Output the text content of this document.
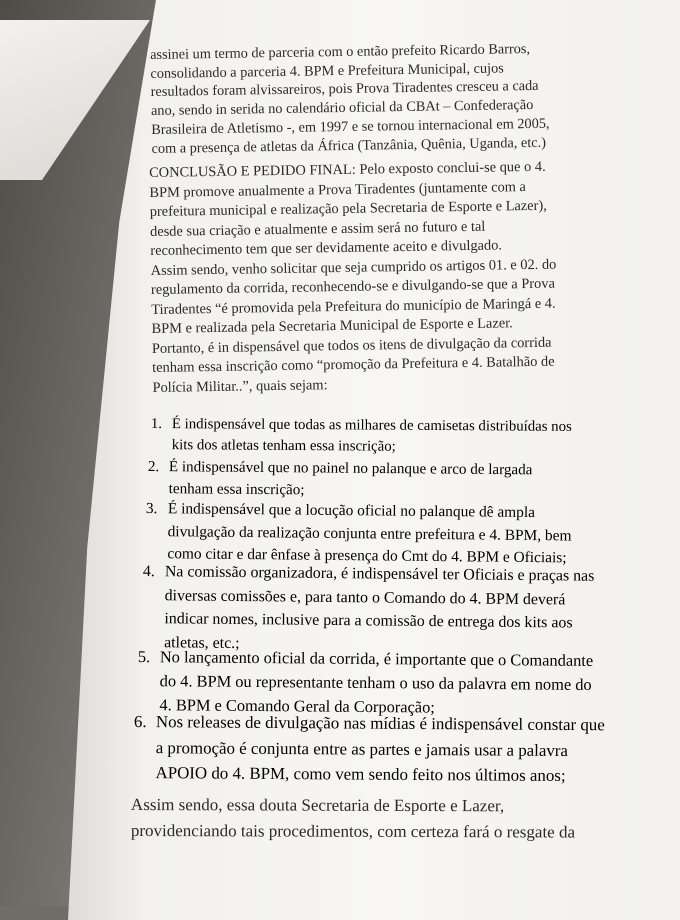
assinei um termo de parceria com o então prefeito Ricardo Barros,
consolidando a parceria 4. BPM e Prefeitura Municipal, cujos
resultados foram alvissareiros, pois Prova Tiradentes cresceu a cada
ano, sendo in serida no calendário oficial da CBAt – Confederação
Brasileira de Atletismo -, em 1997 e se tornou internacional em 2005,
com a presença de atletas da África (Tanzânia, Quênia, Uganda, etc.)
CONCLUSÃO E PEDIDO FINAL: Pelo exposto conclui-se que o 4.
BPM promove anualmente a Prova Tiradentes (juntamente com a
prefeitura municipal e realização pela Secretaria de Esporte e Lazer),
desde sua criação e atualmente e assim será no futuro e tal
reconhecimento tem que ser devidamente aceito e divulgado.
Assim sendo, venho solicitar que seja cumprido os artigos 01. e 02. do
regulamento da corrida, reconhecendo-se e divulgando-se que a Prova
Tiradentes “é promovida pela Prefeitura do município de Maringá e 4.
BPM e realizada pela Secretaria Municipal de Esporte e Lazer.
Portanto, é in dispensável que todos os itens de divulgação da corrida
tenham essa inscrição como “promoção da Prefeitura e 4. Batalhão de
Polícia Militar..”, quais sejam:
1. É indispensável que todas as milhares de camisetas distribuídas nos
kits dos atletas tenham essa inscrição;
2. É indispensável que no painel no palanque e arco de largada
tenham essa inscrição;
3. É indispensável que a locução oficial no palanque dê ampla
divulgação da realização conjunta entre prefeitura e 4. BPM, bem
como citar e dar ênfase à presença do Cmt do 4. BPM e Oficiais;
4. Na comissão organizadora, é indispensável ter Oficiais e praças nas
diversas comissões e, para tanto o Comando do 4. BPM deverá
indicar nomes, inclusive para a comissão de entrega dos kits aos
atletas, etc.;
5. No lançamento oficial da corrida, é importante que o Comandante
do 4. BPM ou representante tenham o uso da palavra em nome do
4. BPM e Comando Geral da Corporação;
6. Nos releases de divulgação nas mídias é indispensável constar que
a promoção é conjunta entre as partes e jamais usar a palavra
APOIO do 4. BPM, como vem sendo feito nos últimos anos;
Assim sendo, essa douta Secretaria de Esporte e Lazer,
providenciando tais procedimentos, com certeza fará o resgate da
